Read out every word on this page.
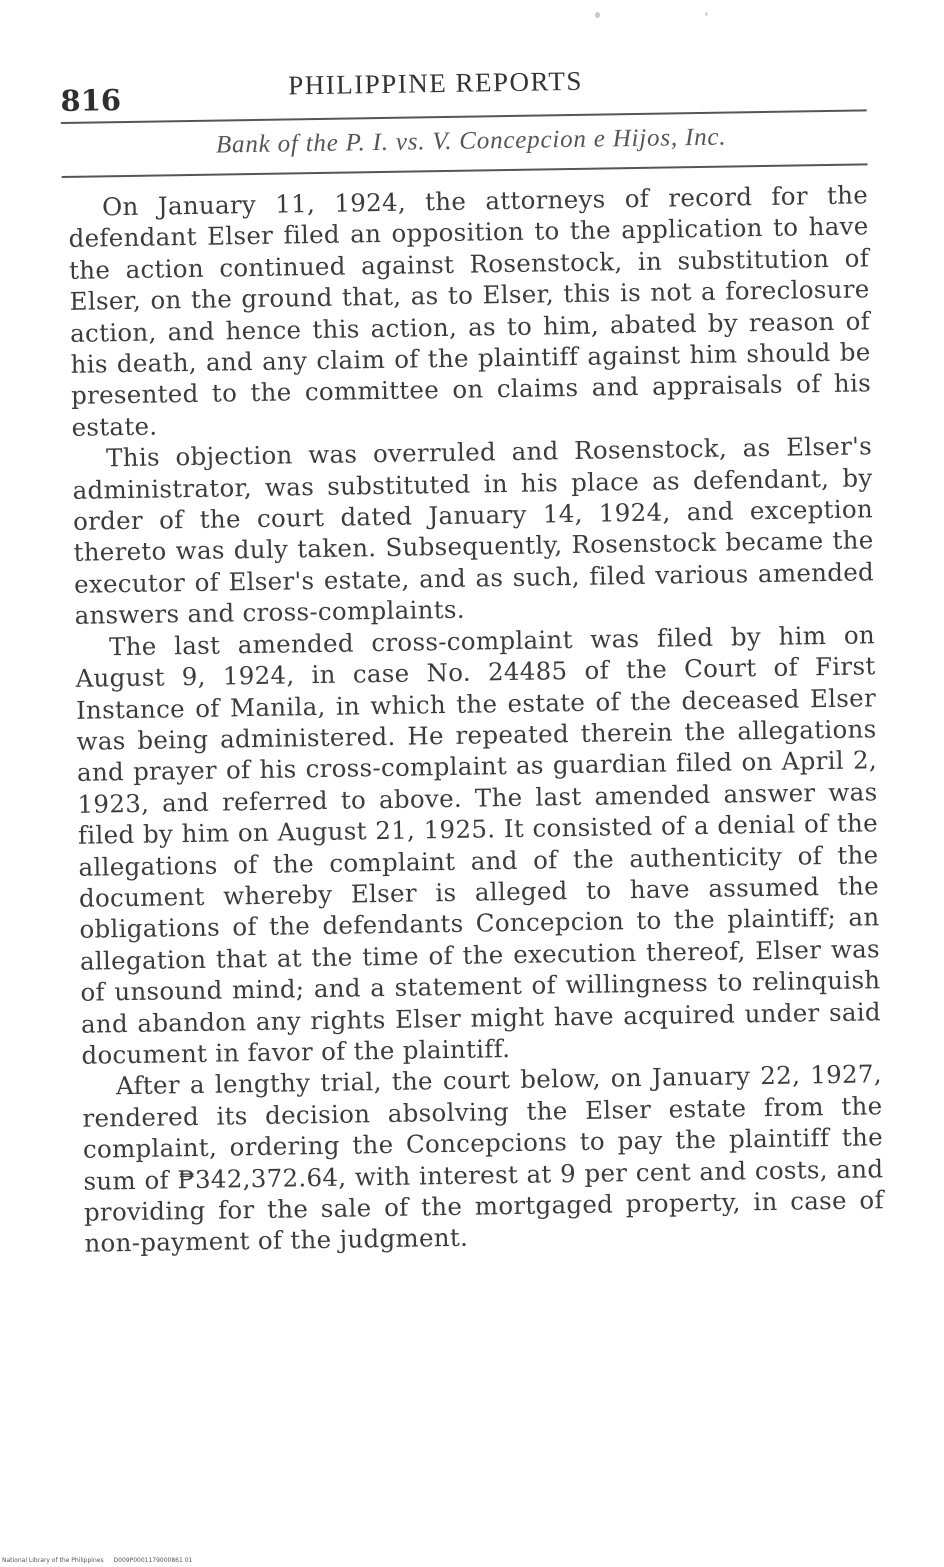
816	PHILIPPINE REPORTS
Bank of the P. I. vs. V. Concepcion e Hijos, Inc.

On January 11, 1924, the attorneys of record for the defendant Elser filed an opposition to the application to have the action continued against Rosenstock, in substitution of Elser, on the ground that, as to Elser, this is not a foreclosure action, and hence this action, as to him, abated by reason of his death, and any claim of the plaintiff against him should be presented to the committee on claims and appraisals of his estate.

This objection was overruled and Rosenstock, as Elser's administrator, was substituted in his place as defendant, by order of the court dated January 14, 1924, and exception thereto was duly taken. Subsequently, Rosenstock became the executor of Elser's estate, and as such, filed various amended answers and cross-complaints.

The last amended cross-complaint was filed by him on August 9, 1924, in case No. 24485 of the Court of First Instance of Manila, in which the estate of the deceased Elser was being administered. He repeated therein the allegations and prayer of his cross-complaint as guardian filed on April 2, 1923, and referred to above. The last amended answer was filed by him on August 21, 1925. It consisted of a denial of the allegations of the complaint and of the authenticity of the document whereby Elser is alleged to have assumed the obligations of the defendants Concepcion to the plaintiff; an allegation that at the time of the execution thereof, Elser was of unsound mind; and a statement of willingness to relinquish and abandon any rights Elser might have acquired under said document in favor of the plaintiff.

After a lengthy trial, the court below, on January 22, 1927, rendered its decision absolving the Elser estate from the complaint, ordering the Concepcions to pay the plaintiff the sum of ₱342,372.64, with interest at 9 per cent and costs, and providing for the sale of the mortgaged property, in case of non-payment of the judgment.

National Library of the Philippines D009P0001179000861 01
